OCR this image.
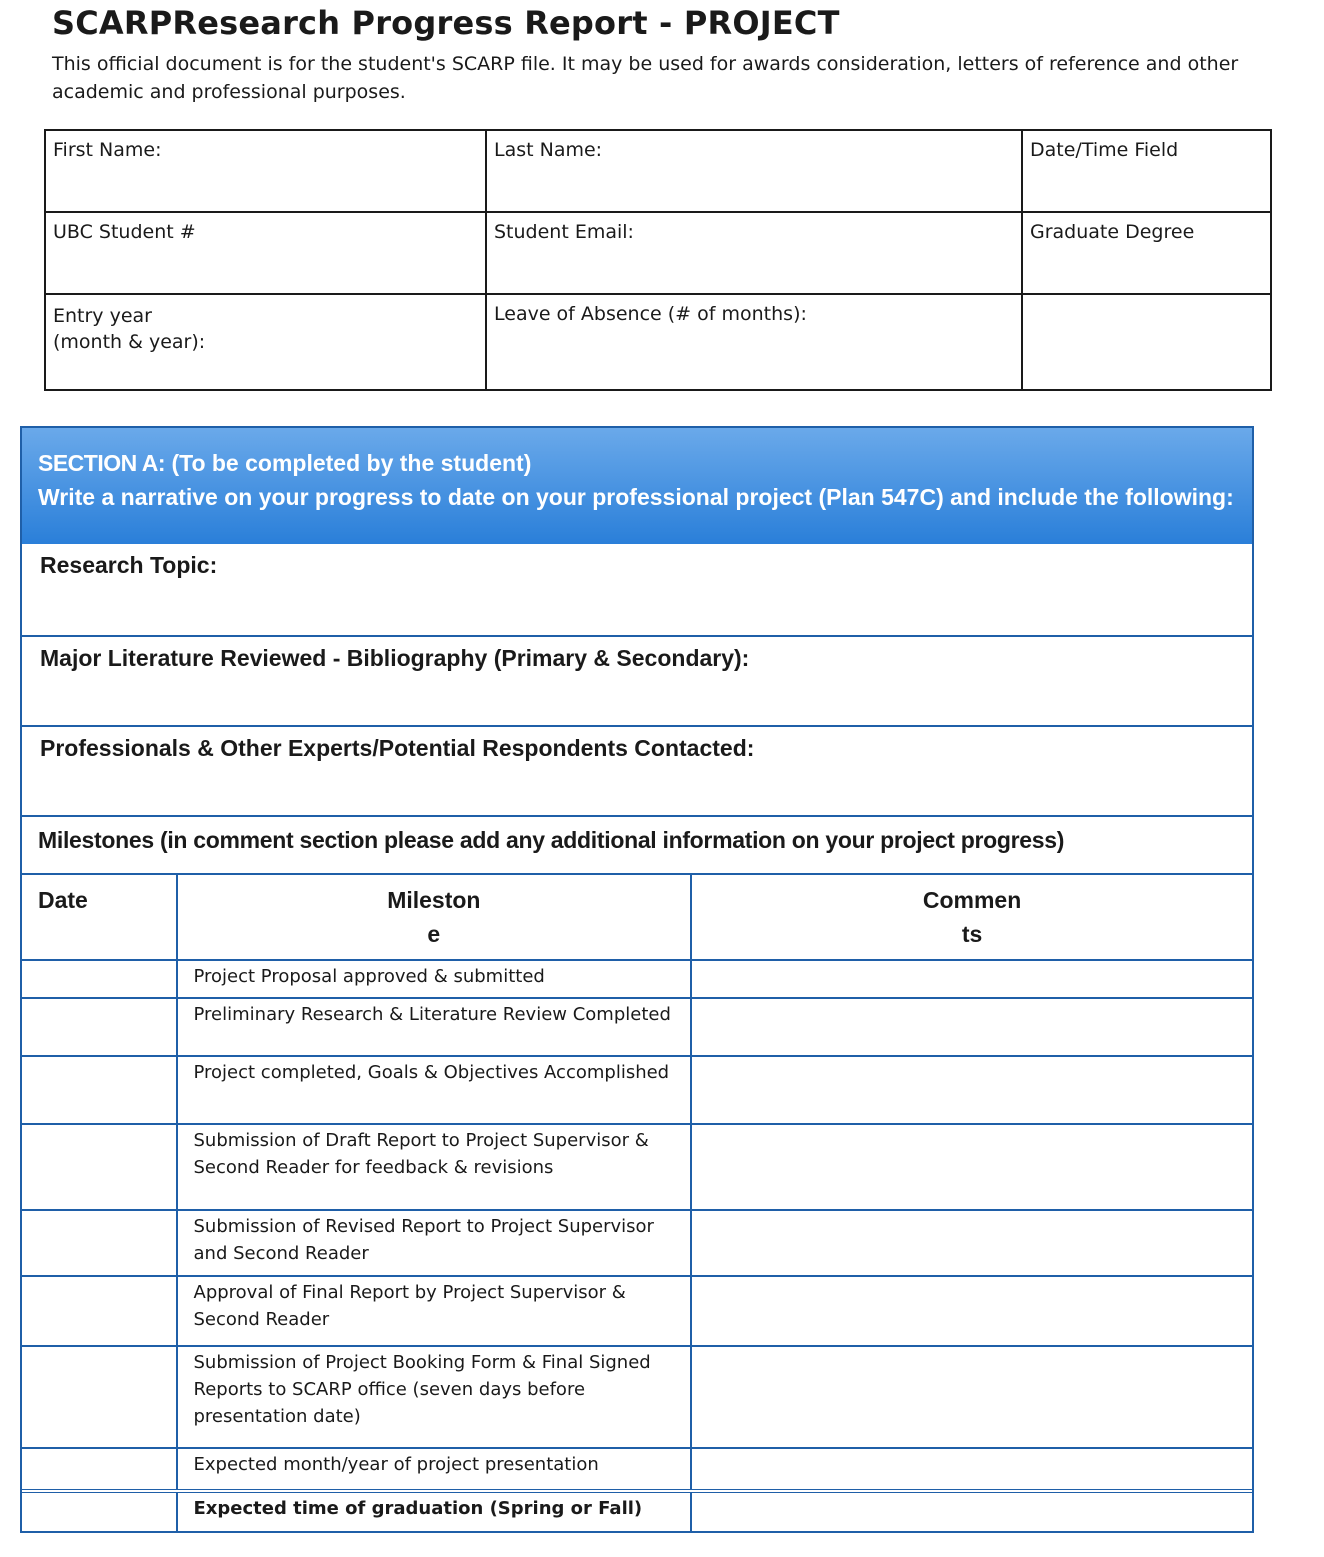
SCARPResearch Progress Report - PROJECT

This official document is for the student's SCARP file. It may be used for awards consideration, letters of reference and other academic and professional purposes.

First Name:	Last Name:	Date/Time Field
UBC Student #	Student Email:	Graduate Degree

Entry year
(month & year):	Leave of Absence (# of months):	
SECTION A: (To be completed by the student)
Write a narrative on your progress to date on your professional project (Plan 547C) and include the following:
Research Topic:
Major Literature Reviewed - Bibliography (Primary & Secondary):
Professionals & Other Experts/Potential Respondents Contacted:
Milestones (in comment section please add any additional information on your project progress)
Date	Milestone	Comments
	Project Proposal approved & submitted	
	Preliminary Research & Literature Review Completed	
	Project completed, Goals & Objectives Accomplished	
	Submission of Draft Report to Project Supervisor & Second Reader for feedback & revisions	
	Submission of Revised Report to Project Supervisor and Second Reader	
	Approval of Final Report by Project Supervisor & Second Reader	
	Submission of Project Booking Form & Final Signed Reports to SCARP office (seven days before presentation date)	
	Expected month/year of project presentation	
	Expected time of graduation (Spring or Fall)	
